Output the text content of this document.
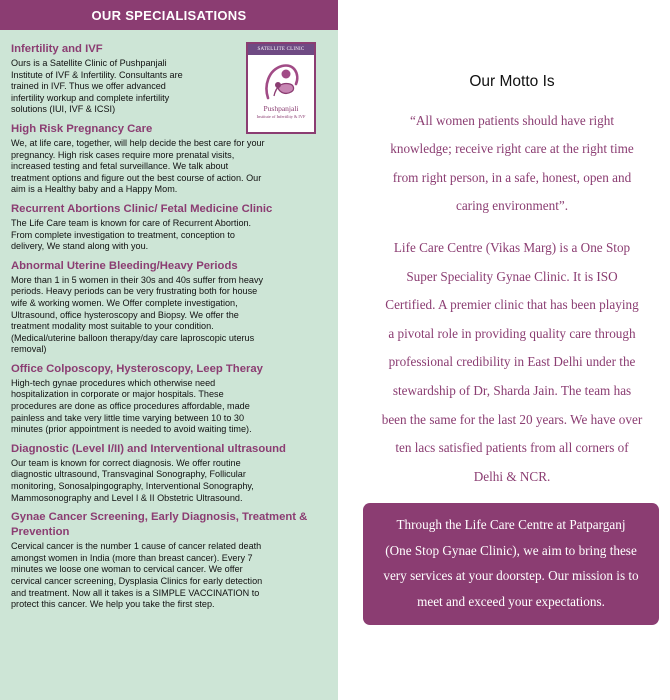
OUR SPECIALISATIONS
SATELLITE CLINIC
Pushpanjali
Institute of Infertility & IVF
Infertility and IVF
Ours is a Satellite Clinic of Pushpanjali
Institute of IVF & Infertility. Consultants are
trained in IVF. Thus we offer advanced
infertility workup and complete infertility
solutions (IUI, IVF & ICSI)
High Risk Pregnancy Care
We, at life care, together, will help decide the best care for your
pregnancy. High risk cases require more prenatal visits,
increased testing and fetal surveillance. We talk about
treatment options and figure out the best course of action. Our
aim is a Healthy baby and a Happy Mom.
Recurrent Abortions Clinic/ Fetal Medicine Clinic
The Life Care team is known for care of Recurrent Abortion.
From complete investigation to treatment, conception to
delivery, We stand along with you.
Abnormal Uterine Bleeding/Heavy Periods
More than 1 in 5 women in their 30s and 40s suffer from heavy
periods. Heavy periods can be very frustrating both for house
wife & working women. We Offer complete investigation,
Ultrasound, office hysteroscopy and Biopsy. We offer the
treatment modality most suitable to your condition.
(Medical/uterine balloon therapy/day care laproscopic uterus
removal)
Office Colposcopy, Hysteroscopy, Leep Theray
High-tech gynae procedures which otherwise need
hospitalization in corporate or major hospitals. These
procedures are done as office procedures affordable, made
painless and take very little time varying between 10 to 30
minutes (prior appointment is needed to avoid waiting time).
Diagnostic (Level I/II) and Interventional ultrasound
Our team is known for correct diagnosis. We offer routine
diagnostic ultrasound, Transvaginal Sonography, Follicular
monitoring, Sonosalpingography, Interventional Sonography,
Mammosonography and Level I & II Obstetric Ultrasound.
Gynae Cancer Screening, Early Diagnosis, Treatment & Prevention
Cervical cancer is the number 1 cause of cancer related death
amongst women in India (more than breast cancer). Every 7
minutes we loose one woman to cervical cancer. We offer
cervical cancer screening, Dysplasia Clinics for early detection
and treatment. Now all it takes is a SIMPLE VACCINATION to
protect this cancer. We help you take the first step.
Our Motto Is
“All women patients should have right
knowledge; receive right care at the right time
from right person, in a safe, honest, open and
caring environment”.
Life Care Centre (Vikas Marg) is a One Stop
Super Speciality Gynae Clinic. It is ISO
Certified. A premier clinic that has been playing
a pivotal role in providing quality care through
professional credibility in East Delhi under the
stewardship of Dr, Sharda Jain. The team has
been the same for the last 20 years. We have over
ten lacs satisfied patients from all corners of
Delhi & NCR.
Through the Life Care Centre at Patparganj
(One Stop Gynae Clinic), we aim to bring these
very services at your doorstep. Our mission is to
meet and exceed your expectations.
